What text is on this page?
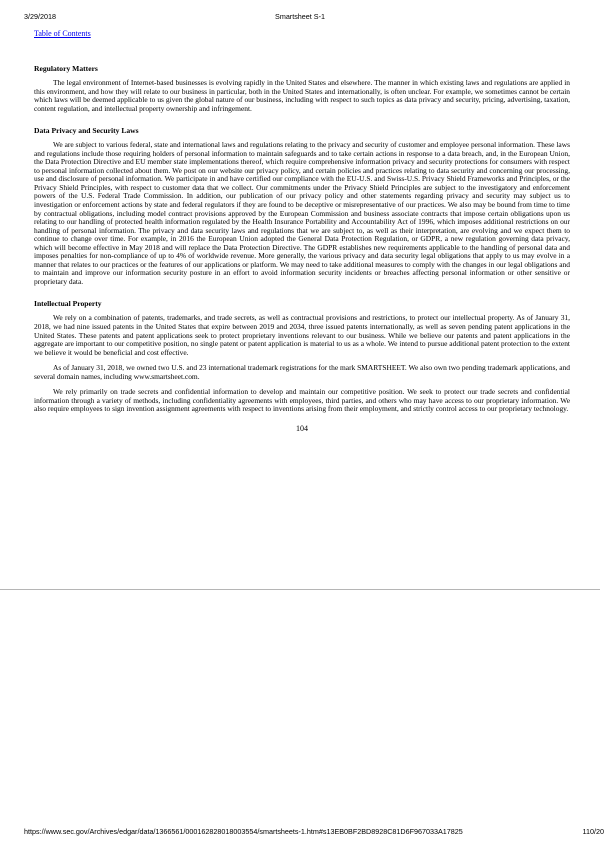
3/29/2018	Smartsheet S-1
Table of Contents
Regulatory Matters

The legal environment of Internet-based businesses is evolving rapidly in the United States and elsewhere. The manner in which existing laws and regulations are applied in this environment, and how they will relate to our business in particular, both in the United States and internationally, is often unclear. For example, we sometimes cannot be certain which laws will be deemed applicable to us given the global nature of our business, including with respect to such topics as data privacy and security, pricing, advertising, taxation, content regulation, and intellectual property ownership and infringement.

Data Privacy and Security Laws

We are subject to various federal, state and international laws and regulations relating to the privacy and security of customer and employee personal information. These laws and regulations include those requiring holders of personal information to maintain safeguards and to take certain actions in response to a data breach, and, in the European Union, the Data Protection Directive and EU member state implementations thereof, which require comprehensive information privacy and security protections for consumers with respect to personal information collected about them. We post on our website our privacy policy, and certain policies and practices relating to data security and concerning our processing, use and disclosure of personal information. We participate in and have certified our compliance with the EU-U.S. and Swiss-U.S. Privacy Shield Frameworks and Principles, or the Privacy Shield Principles, with respect to customer data that we collect. Our commitments under the Privacy Shield Principles are subject to the investigatory and enforcement powers of the U.S. Federal Trade Commission. In addition, our publication of our privacy policy and other statements regarding privacy and security may subject us to investigation or enforcement actions by state and federal regulators if they are found to be deceptive or misrepresentative of our practices. We also may be bound from time to time by contractual obligations, including model contract provisions approved by the European Commission and business associate contracts that impose certain obligations upon us relating to our handling of protected health information regulated by the Health Insurance Portability and Accountability Act of 1996, which imposes additional restrictions on our handling of personal information. The privacy and data security laws and regulations that we are subject to, as well as their interpretation, are evolving and we expect them to continue to change over time. For example, in 2016 the European Union adopted the General Data Protection Regulation, or GDPR, a new regulation governing data privacy, which will become effective in May 2018 and will replace the Data Protection Directive. The GDPR establishes new requirements applicable to the handling of personal data and imposes penalties for non-compliance of up to 4% of worldwide revenue. More generally, the various privacy and data security legal obligations that apply to us may evolve in a manner that relates to our practices or the features of our applications or platform. We may need to take additional measures to comply with the changes in our legal obligations and to maintain and improve our information security posture in an effort to avoid information security incidents or breaches affecting personal information or other sensitive or proprietary data.

Intellectual Property

We rely on a combination of patents, trademarks, and trade secrets, as well as contractual provisions and restrictions, to protect our intellectual property. As of January 31, 2018, we had nine issued patents in the United States that expire between 2019 and 2034, three issued patents internationally, as well as seven pending patent applications in the United States. These patents and patent applications seek to protect proprietary inventions relevant to our business. While we believe our patents and patent applications in the aggregate are important to our competitive position, no single patent or patent application is material to us as a whole. We intend to pursue additional patent protection to the extent we believe it would be beneficial and cost effective.

As of January 31, 2018, we owned two U.S. and 23 international trademark registrations for the mark SMARTSHEET. We also own two pending trademark applications, and several domain names, including www.smartsheet.com.

We rely primarily on trade secrets and confidential information to develop and maintain our competitive position. We seek to protect our trade secrets and confidential information through a variety of methods, including confidentiality agreements with employees, third parties, and others who may have access to our proprietary information. We also require employees to sign invention assignment agreements with respect to inventions arising from their employment, and strictly control access to our proprietary technology.

104
https://www.sec.gov/Archives/edgar/data/1366561/000162828018003554/smartsheets-1.htm#s13EB0BF2BD8928C81D6F967033A17825	110/20
